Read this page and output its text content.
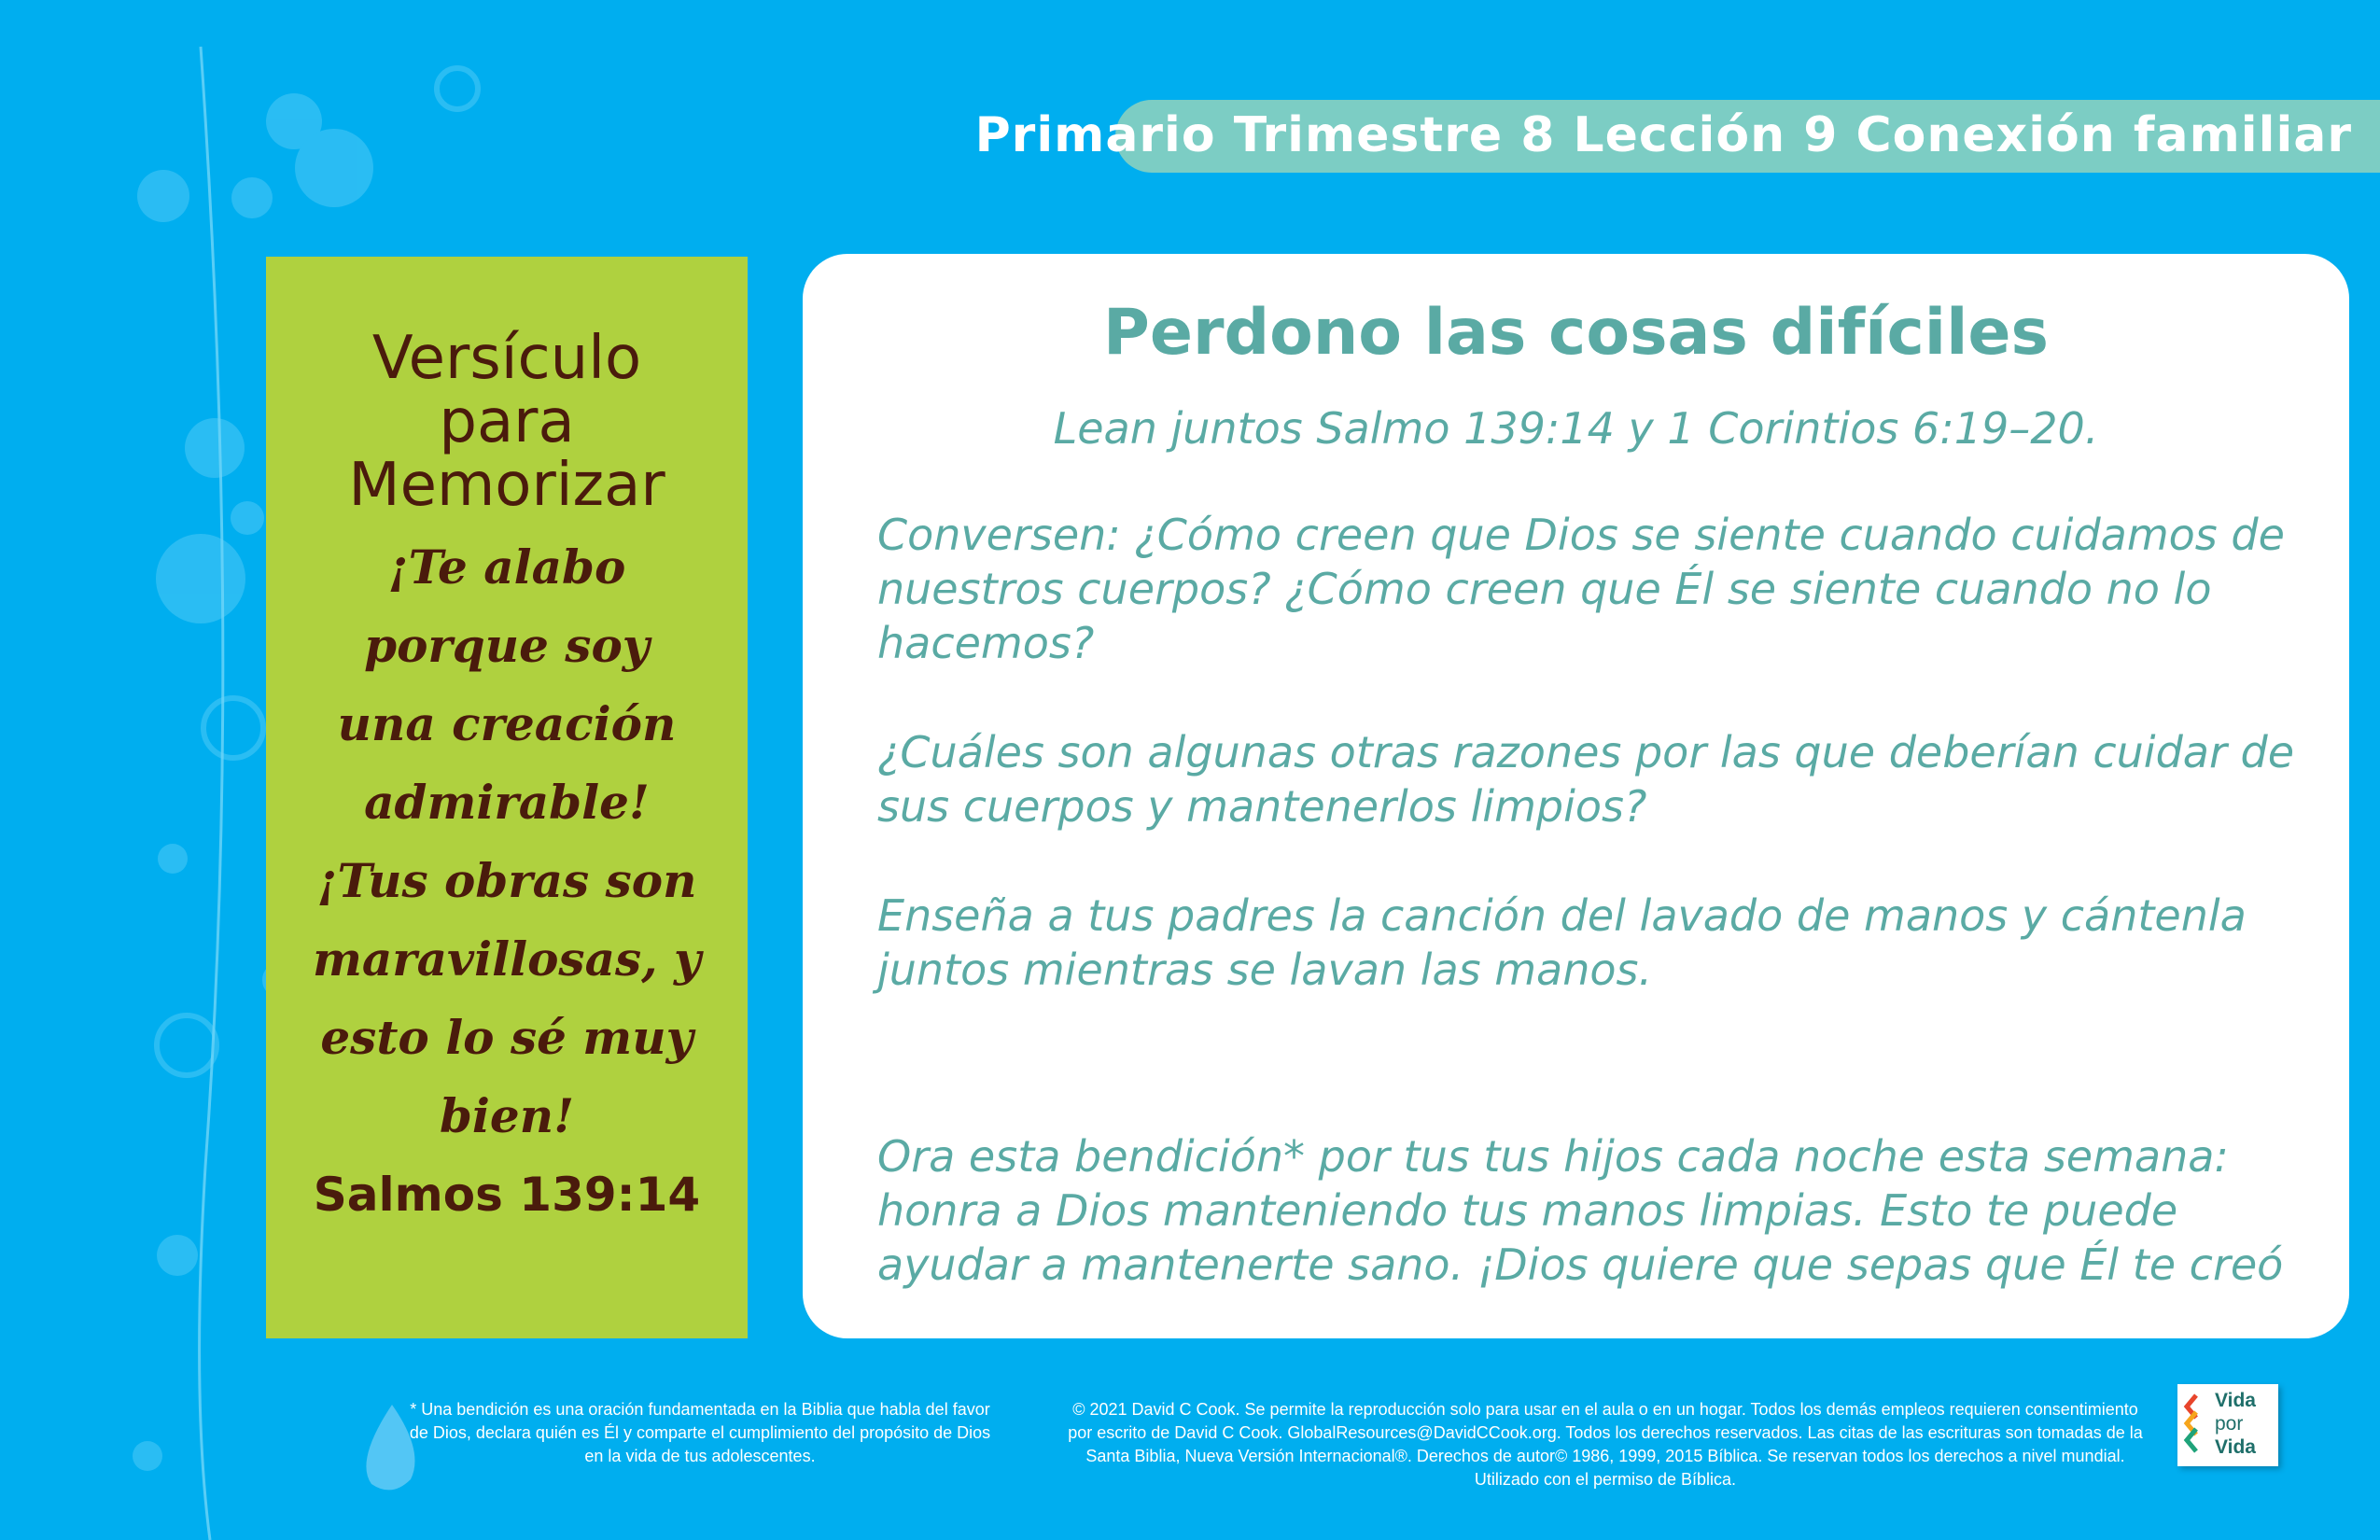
Primario Trimestre 8 Lección 9 Conexión familiar
Versículo
para
Memorizar
¡Te alabo
porque soy
una creación
admirable!
¡Tus obras son
maravillosas, y
esto lo sé muy
bien!
Salmos 139:14
Perdono las cosas difíciles
Lean juntos Salmo 139:14 y 1 Corintios 6:19–20.
Conversen: ¿Cómo creen que Dios se siente cuando cuidamos de nuestros cuerpos? ¿Cómo creen que Él se siente cuando no lo hacemos?
¿Cuáles son algunas otras razones por las que deberían cuidar de sus cuerpos y mantenerlos limpios?
Enseña a tus padres la canción del lavado de manos y cántenla juntos mientras se lavan las manos.
Ora esta bendición* por tus tus hijos cada noche esta semana: honra a Dios manteniendo tus manos limpias. Esto te puede ayudar a mantenerte sano. ¡Dios quiere que sepas que Él te creó
* Una bendición es una oración fundamentada en la Biblia que habla del favor de Dios, declara quién es Él y comparte el cumplimiento del propósito de Dios en la vida de tus adolescentes.
© 2021 David C Cook. Se permite la reproducción solo para usar en el aula o en un hogar. Todos los demás empleos requieren consentimiento por escrito de David C Cook. GlobalResources@DavidCCook.org. Todos los derechos reservados. Las citas de las escrituras son tomadas de la Santa Biblia, Nueva Versión Internacional®. Derechos de autor© 1986, 1999, 2015 Bíblica. Se reservan todos los derechos a nivel mundial. Utilizado con el permiso de Bíblica.
Vida
por
Vida
